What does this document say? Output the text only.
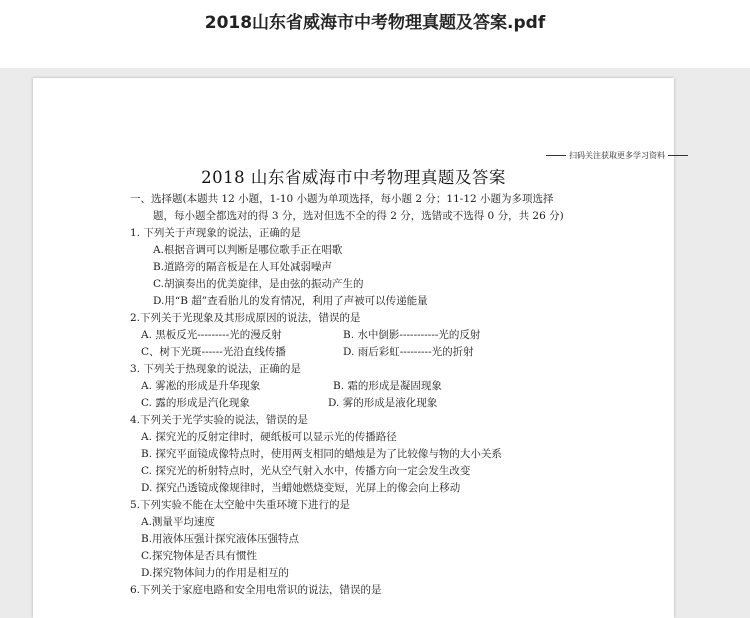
2018山东省威海市中考物理真题及答案.pdf
扫码关注获取更多学习资料
2018 山东省威海市中考物理真题及答案
一、选择题(本题共 12 小题，1-10 小题为单项选择，每小题 2 分；11-12 小题为多项选择
题，每小题全都选对的得 3 分，选对但选不全的得 2 分，选错或不选得 0 分，共 26 分)
1. 下列关于声现象的说法，正确的是
A.根据音调可以判断是哪位歌手正在唱歌
B.道路旁的隔音板是在人耳处减弱噪声
C.胡演奏出的优美旋律，是由弦的振动产生的
D.用“B 超”查看胎儿的发育情况，利用了声被可以传递能量
2.下列关于光现象及其形成原因的说法，错误的是
A. 黑板反光---------光的漫反射	B. 水中倒影-----------光的反射
C、树下光斑------光沿直线传播	D. 雨后彩虹---------光的折射
3. 下列关于热现象的说法，正确的是
A. 雾凇的形成是升华现象	B. 霜的形成是凝固现象
C. 露的形成是汽化现象	D. 雾的形成是液化现象
4.下列关于光学实验的说法，错误的是
A. 探究光的反射定律时，硬纸板可以显示光的传播路径
B. 探究平面镜成像特点时，使用两支相同的蜡烛是为了比较像与物的大小关系
C. 探究光的析射特点时，光从空气射入水中，传播方向一定会发生改变
D. 探究凸透镜成像规律时，当蜡她燃烧变短，光屏上的像会向上移动
5.下列实验不能在太空舱中失重环境下进行的是
A.测量平均速度
B.用液体压强计探究液体压强特点
C.探究物体是否具有惯性
D.探究物体间力的作用是相互的
6.下列关于家庭电路和安全用电常识的说法，错误的是
